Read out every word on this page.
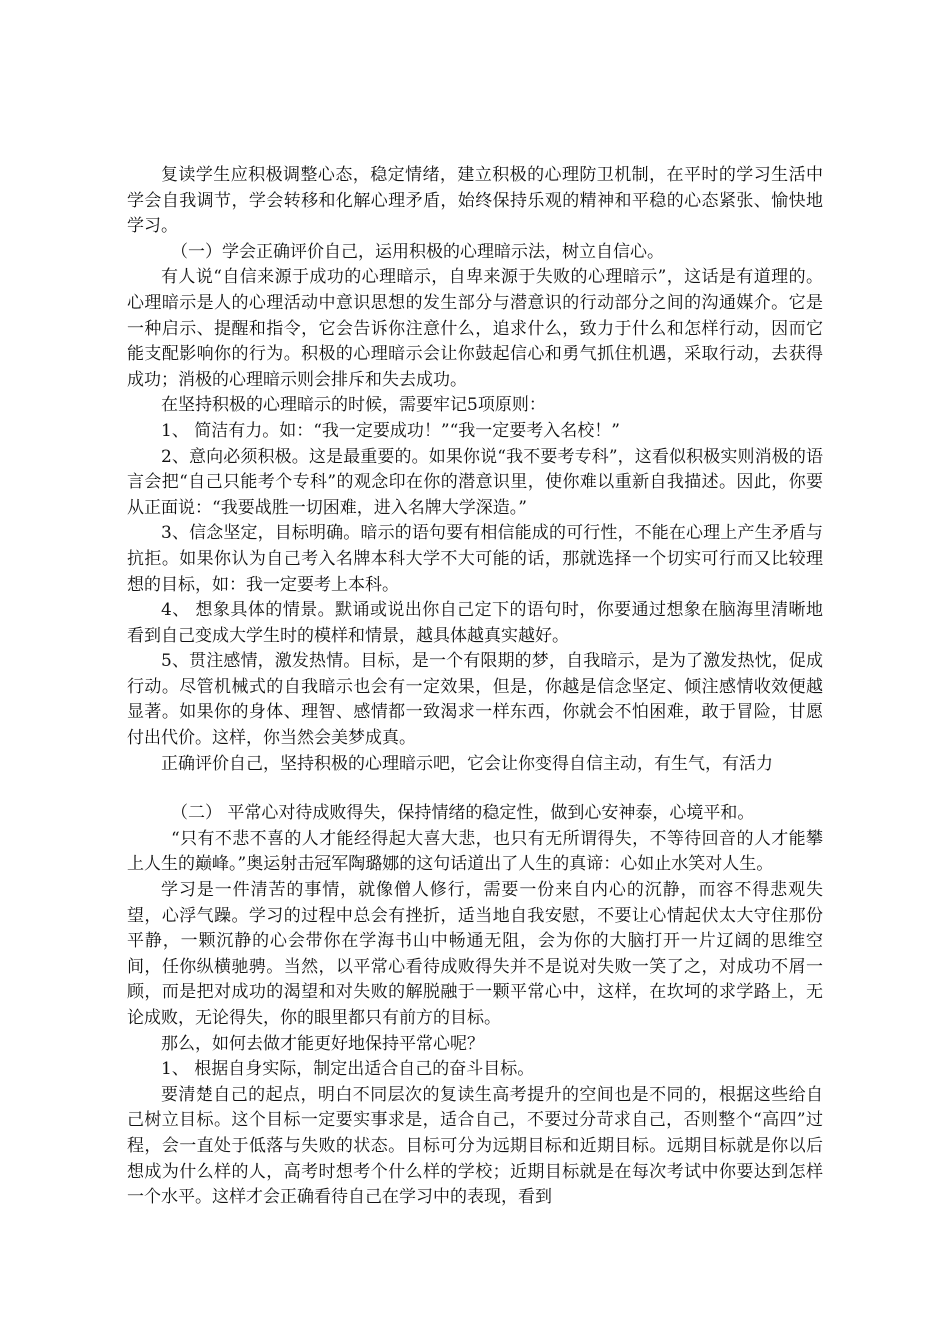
复读学生应积极调整心态，稳定情绪，建立积极的心理防卫机制，在平时的学习生活中学会自我调节，学会转移和化解心理矛盾，始终保持乐观的精神和平稳的心态紧张、愉快地学习。

（一）学会正确评价自己，运用积极的心理暗示法，树立自信心。

有人说“自信来源于成功的心理暗示，自卑来源于失败的心理暗示”，这话是有道理的。心理暗示是人的心理活动中意识思想的发生部分与潜意识的行动部分之间的沟通媒介。它是一种启示、提醒和指令，它会告诉你注意什么，追求什么，致力于什么和怎样行动，因而它能支配影响你的行为。积极的心理暗示会让你鼓起信心和勇气抓住机遇，采取行动，去获得成功；消极的心理暗示则会排斥和失去成功。

在坚持积极的心理暗示的时候，需要牢记5项原则：

1、 简洁有力。如：“我一定要成功！”“我一定要考入名校！”

2、意向必须积极。这是最重要的。如果你说“我不要考专科”，这看似积极实则消极的语言会把“自己只能考个专科”的观念印在你的潜意识里，使你难以重新自我描述。因此，你要从正面说：“我要战胜一切困难，进入名牌大学深造。”

3、信念坚定，目标明确。暗示的语句要有相信能成的可行性，不能在心理上产生矛盾与抗拒。如果你认为自己考入名牌本科大学不大可能的话，那就选择一个切实可行而又比较理想的目标，如：我一定要考上本科。

4、 想象具体的情景。默诵或说出你自己定下的语句时，你要通过想象在脑海里清晰地看到自己变成大学生时的模样和情景，越具体越真实越好。

5、贯注感情，激发热情。目标，是一个有限期的梦，自我暗示，是为了激发热忱，促成行动。尽管机械式的自我暗示也会有一定效果，但是，你越是信念坚定、倾注感情收效便越显著。如果你的身体、理智、感情都一致渴求一样东西，你就会不怕困难，敢于冒险，甘愿付出代价。这样，你当然会美梦成真。

正确评价自己，坚持积极的心理暗示吧，它会让你变得自信主动，有生气，有活力

（二） 平常心对待成败得失，保持情绪的稳定性，做到心安神泰，心境平和。

“只有不悲不喜的人才能经得起大喜大悲，也只有无所谓得失，不等待回音的人才能攀上人生的巅峰。”奥运射击冠军陶璐娜的这句话道出了人生的真谛：心如止水笑对人生。

学习是一件清苦的事情，就像僧人修行，需要一份来自内心的沉静，而容不得悲观失望，心浮气躁。学习的过程中总会有挫折，适当地自我安慰，不要让心情起伏太大守住那份平静，一颗沉静的心会带你在学海书山中畅通无阻，会为你的大脑打开一片辽阔的思维空间，任你纵横驰骋。当然，以平常心看待成败得失并不是说对失败一笑了之，对成功不屑一顾，而是把对成功的渴望和对失败的解脱融于一颗平常心中，这样，在坎坷的求学路上，无论成败，无论得失，你的眼里都只有前方的目标。

那么，如何去做才能更好地保持平常心呢？

1、 根据自身实际，制定出适合自己的奋斗目标。

要清楚自己的起点，明白不同层次的复读生高考提升的空间也是不同的，根据这些给自己树立目标。这个目标一定要实事求是，适合自己，不要过分苛求自己，否则整个“高四”过程，会一直处于低落与失败的状态。目标可分为远期目标和近期目标。远期目标就是你以后想成为什么样的人，高考时想考个什么样的学校；近期目标就是在每次考试中你要达到怎样一个水平。这样才会正确看待自己在学习中的表现，看到
